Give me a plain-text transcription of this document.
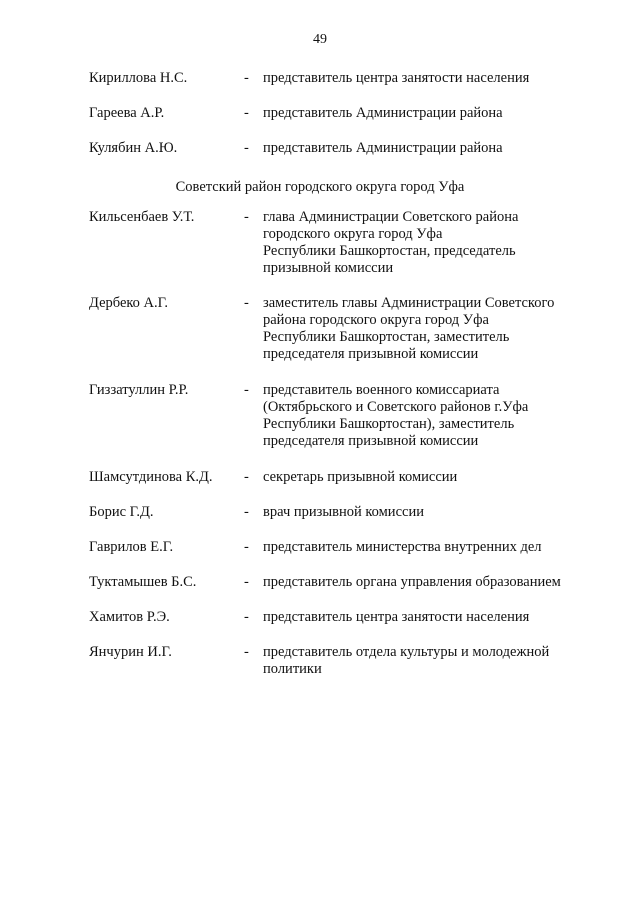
49
Кириллова Н.С.	- представитель центра занятости населения
Гареева А.Р.	- представитель Администрации района
Кулябин А.Ю.	- представитель Администрации района
Советский район городского округа город Уфа
Кильсенбаев У.Т.	- глава Администрации Советского района
городского округа город Уфа
Республики Башкортостан, председатель
призывной комиссии
Дербеко А.Г.	- заместитель главы Администрации Советского
района городского округа город Уфа
Республики Башкортостан, заместитель
председателя призывной комиссии
Гиззатуллин Р.Р.	- представитель военного комиссариата
(Октябрьского и Советского районов г.Уфа
Республики Башкортостан), заместитель
председателя призывной комиссии
Шамсутдинова К.Д. - секретарь призывной комиссии
Борис Г.Д.	- врач призывной комиссии
Гаврилов Е.Г.	- представитель министерства внутренних дел
Туктамышев Б.С.	- представитель органа управления образованием
Хамитов Р.Э.	- представитель центра занятости населения
Янчурин И.Г.	- представитель отдела культуры и молодежной
политики
